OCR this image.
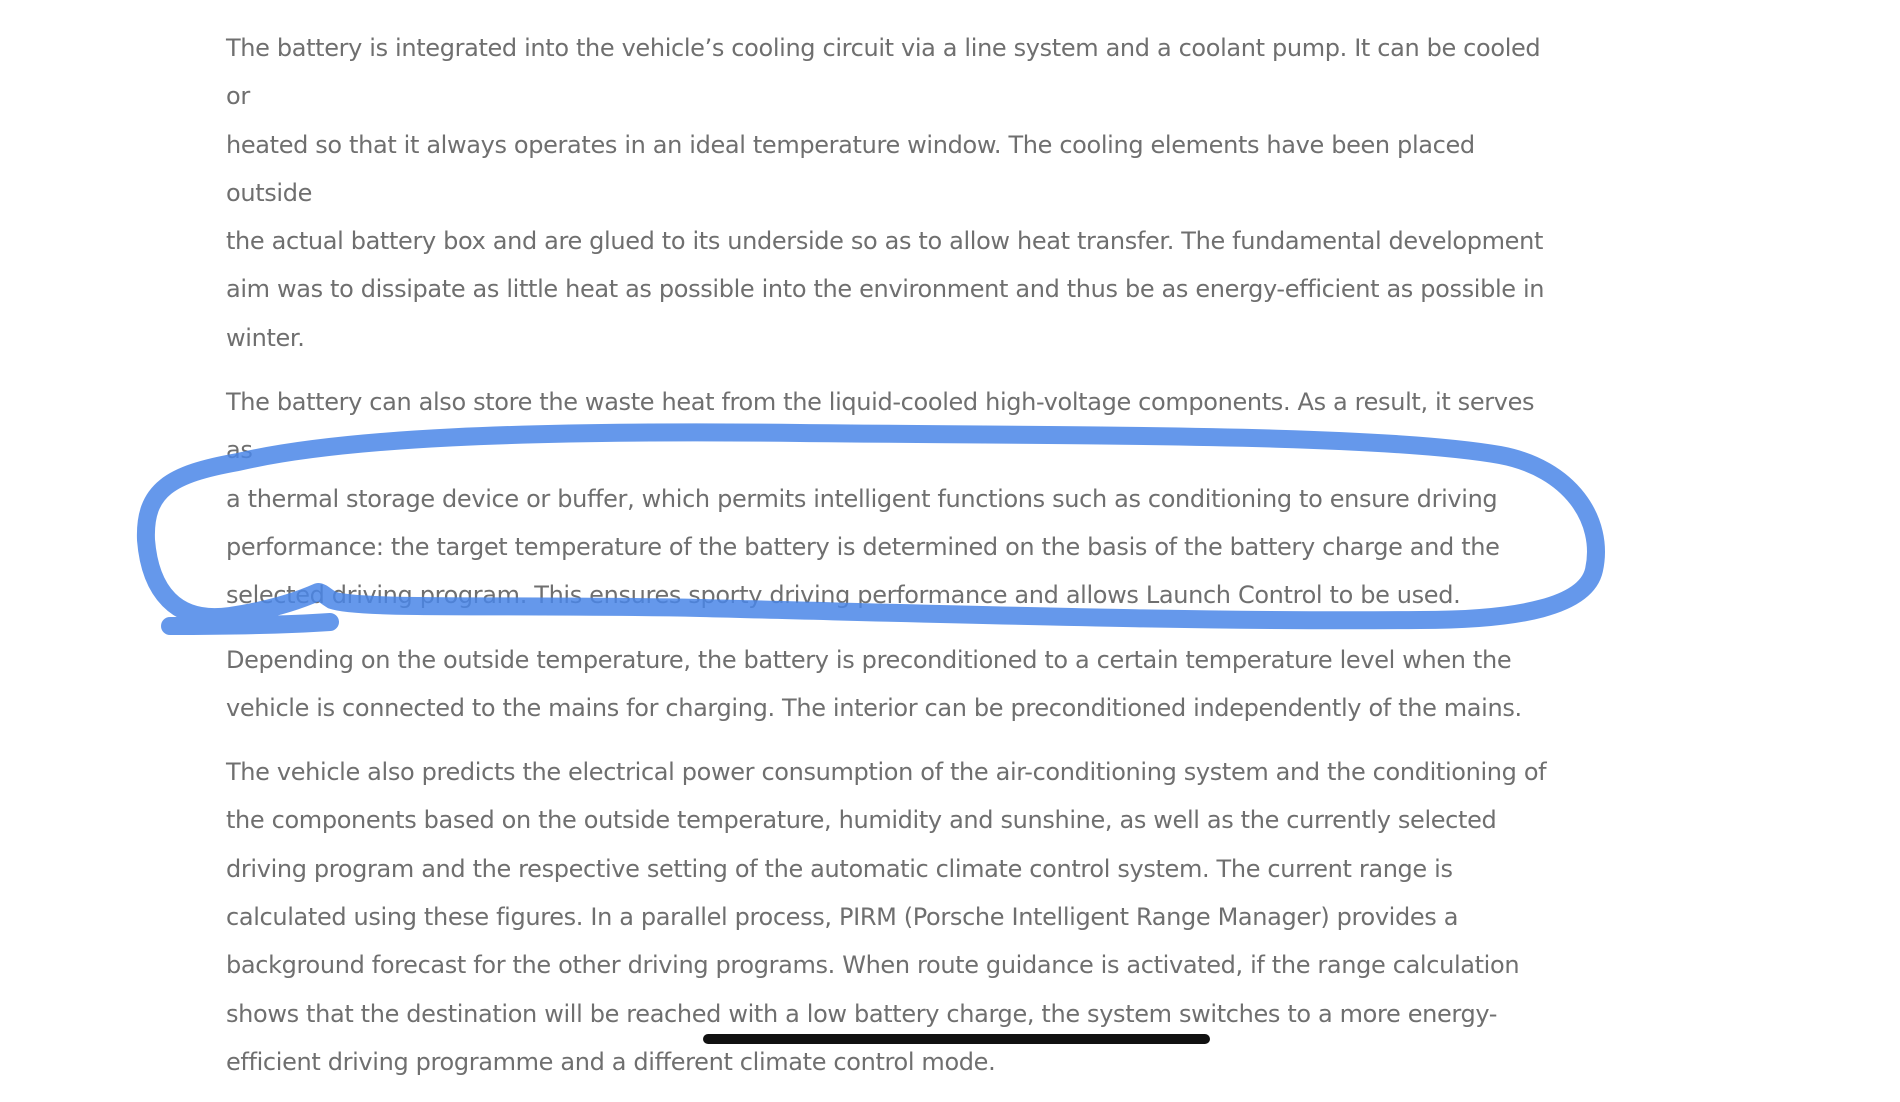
The battery is integrated into the vehicle’s cooling circuit via a line system and a coolant pump. It can be cooled or
heated so that it always operates in an ideal temperature window. The cooling elements have been placed outside
the actual battery box and are glued to its underside so as to allow heat transfer. The fundamental development
aim was to dissipate as little heat as possible into the environment and thus be as energy-efficient as possible in
winter.

The battery can also store the waste heat from the liquid-cooled high-voltage components. As a result, it serves as
a thermal storage device or buffer, which permits intelligent functions such as conditioning to ensure driving
performance: the target temperature of the battery is determined on the basis of the battery charge and the
selected driving program. This ensures sporty driving performance and allows Launch Control to be used.

Depending on the outside temperature, the battery is preconditioned to a certain temperature level when the
vehicle is connected to the mains for charging. The interior can be preconditioned independently of the mains.

The vehicle also predicts the electrical power consumption of the air-conditioning system and the conditioning of
the components based on the outside temperature, humidity and sunshine, as well as the currently selected
driving program and the respective setting of the automatic climate control system. The current range is
calculated using these figures. In a parallel process, PIRM (Porsche Intelligent Range Manager) provides a
background forecast for the other driving programs. When route guidance is activated, if the range calculation
shows that the destination will be reached with a low battery charge, the system switches to a more energy-
efficient driving programme and a different climate control mode.
